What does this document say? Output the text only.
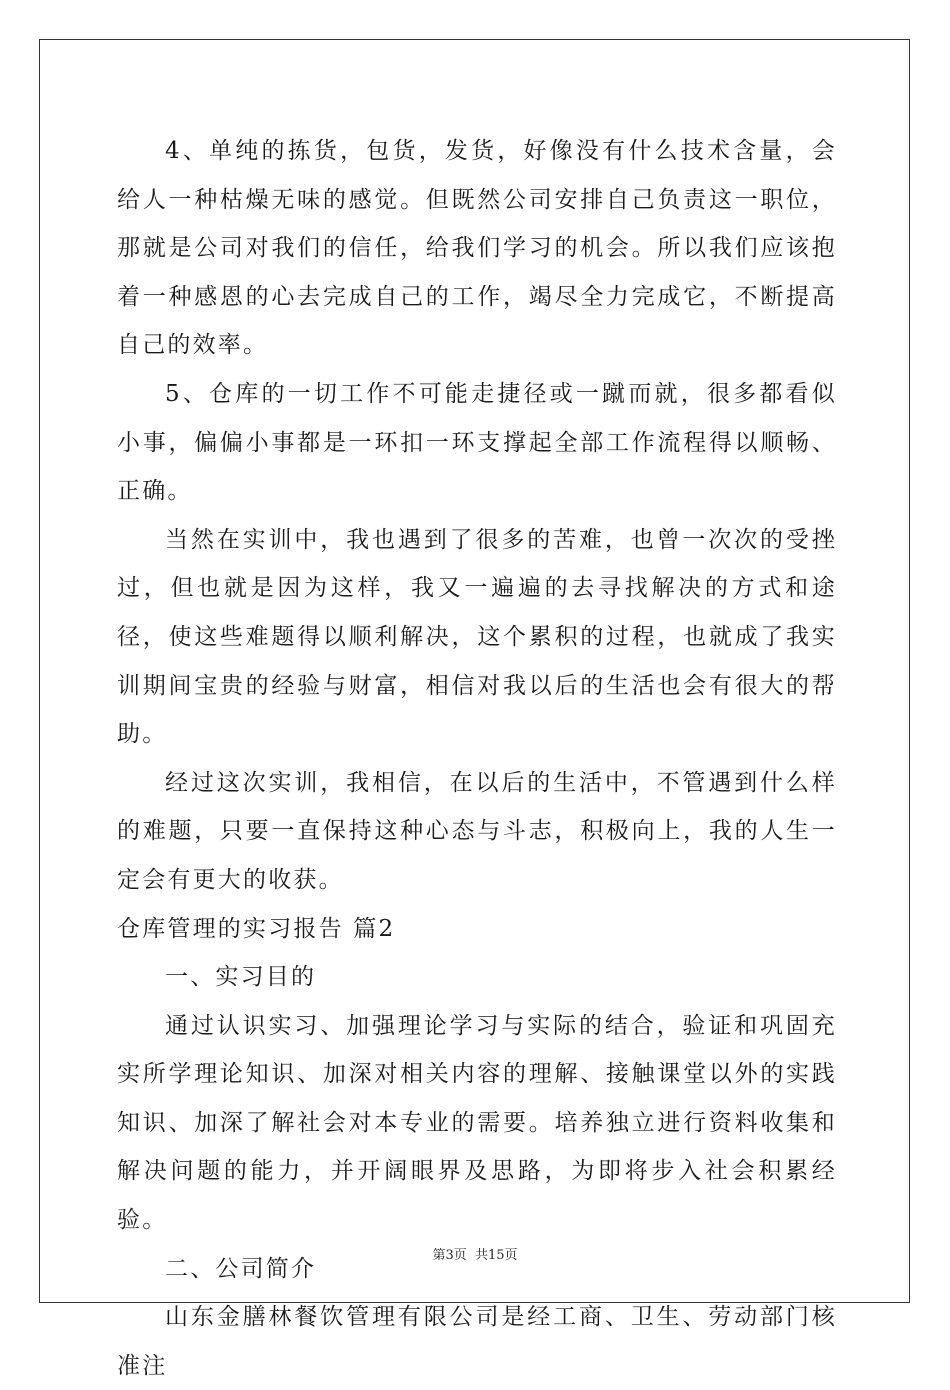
4、单纯的拣货，包货，发货，好像没有什么技术含量，会给人一种枯燥无味的感觉。但既然公司安排自己负责这一职位，那就是公司对我们的信任，给我们学习的机会。所以我们应该抱着一种感恩的心去完成自己的工作，竭尽全力完成它，不断提高自己的效率。

5、仓库的一切工作不可能走捷径或一蹴而就，很多都看似小事，偏偏小事都是一环扣一环支撑起全部工作流程得以顺畅、正确。

当然在实训中，我也遇到了很多的苦难，也曾一次次的受挫过，但也就是因为这样，我又一遍遍的去寻找解决的方式和途径，使这些难题得以顺利解决，这个累积的过程，也就成了我实训期间宝贵的经验与财富，相信对我以后的生活也会有很大的帮助。

经过这次实训，我相信，在以后的生活中，不管遇到什么样的难题，只要一直保持这种心态与斗志，积极向上，我的人生一定会有更大的收获。

仓库管理的实习报告 篇2

一、实习目的

通过认识实习、加强理论学习与实际的结合，验证和巩固充实所学理论知识、加深对相关内容的理解、接触课堂以外的实践知识、加深了解社会对本专业的需要。培养独立进行资料收集和解决问题的能力，并开阔眼界及思路，为即将步入社会积累经验。

二、公司简介

山东金膳林餐饮管理有限公司是经工商、卫生、劳动部门核准注

第3页 共15页
